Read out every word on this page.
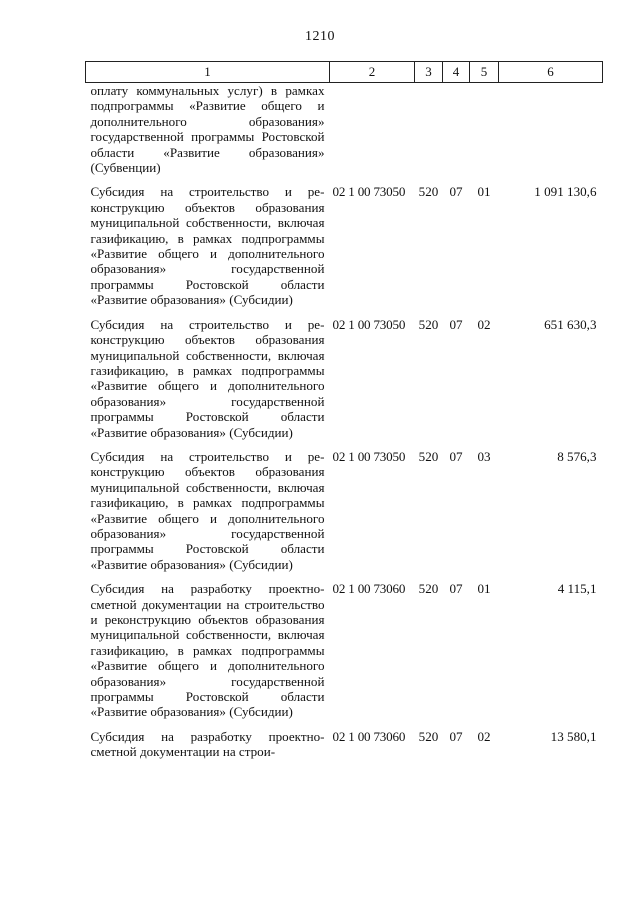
1210
1	2	3	4	5	6
оплату коммунальных услуг) в рамках подпрограммы «Развитие общего и дополнительного образования» государственной программы Ростовской области «Развитие образования» (Субвенции)					
Субсидия на строительство и реконструкцию объектов образования муниципальной собственности, включая газификацию, в рамках подпрограммы «Развитие общего и дополнительного образования» государственной программы Ростовской области «Развитие образования» (Субсидии)	02 1 00 73050	520	07	01	1 091 130,6
Субсидия на строительство и реконструкцию объектов образования муниципальной собственности, включая газификацию, в рамках подпрограммы «Развитие общего и дополнительного образования» государственной программы Ростовской области «Развитие образования» (Субсидии)	02 1 00 73050	520	07	02	651 630,3
Субсидия на строительство и реконструкцию объектов образования муниципальной собственности, включая газификацию, в рамках подпрограммы «Развитие общего и дополнительного образования» государственной программы Ростовской области «Развитие образования» (Субсидии)	02 1 00 73050	520	07	03	8 576,3
Субсидия на разработку проектно-сметной документации на строительство и реконструкцию объектов образования муниципальной собственности, включая газификацию, в рамках подпрограммы «Развитие общего и дополнительного образования» государственной программы Ростовской области «Развитие образования» (Субсидии)	02 1 00 73060	520	07	01	4 115,1
Субсидия на разработку проектно-сметной документации на строи-	02 1 00 73060	520	07	02	13 580,1
